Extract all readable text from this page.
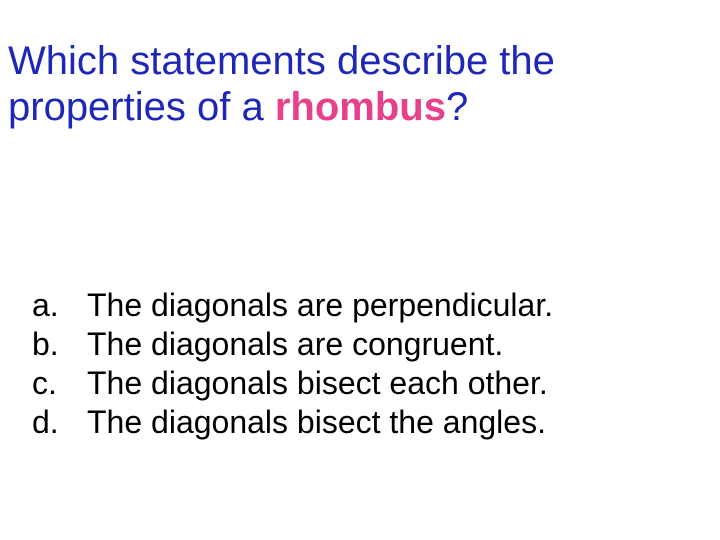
Which statements describe the properties of a rhombus?
a. The diagonals are perpendicular.
b. The diagonals are congruent.
c. The diagonals bisect each other.
d. The diagonals bisect the angles.
